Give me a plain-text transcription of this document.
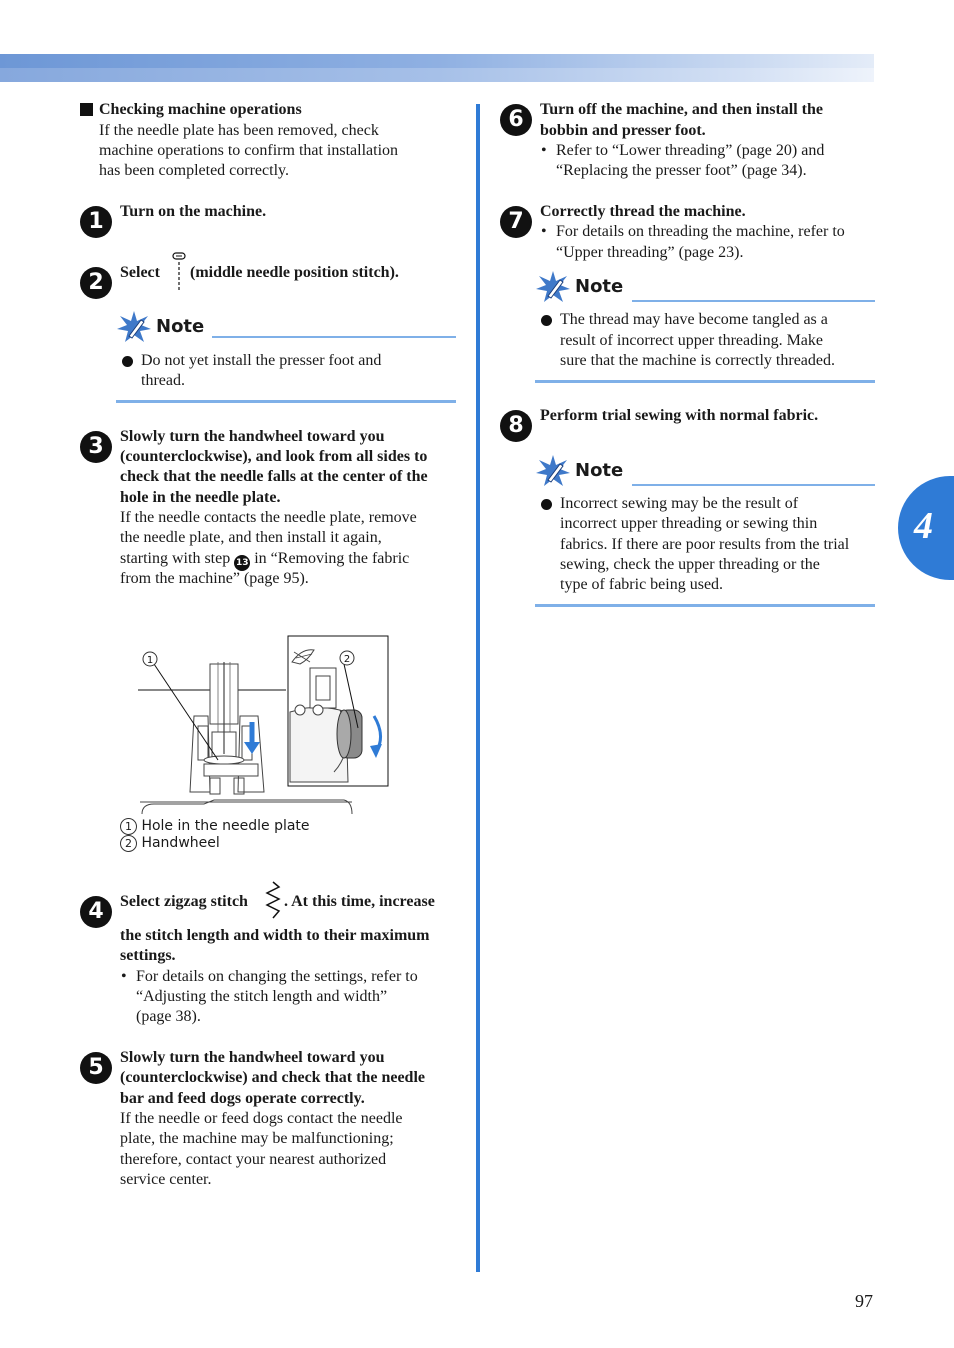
4
Checking machine operations
If the needle plate has been removed, check
machine operations to confirm that installation
has been completed correctly.
1	Turn on the machine.
2	Select (middle needle position stitch).
Note
Do not yet install the presser foot and
thread.
3	Slowly turn the handwheel toward you
(counterclockwise), and look from all sides to
check that the needle falls at the center of the
hole in the needle plate.
If the needle contacts the needle plate, remove
the needle plate, and then install it again,
starting with step 13 in “Removing the fabric
from the machine” (page 95).
1	2
1 Hole in the needle plate
2 Handwheel
4	Select zigzag stitch . At this time, increase
the stitch length and width to their maximum
settings.
• For details on changing the settings, refer to
“Adjusting the stitch length and width”
(page 38).
5	Slowly turn the handwheel toward you
(counterclockwise) and check that the needle
bar and feed dogs operate correctly.
If the needle or feed dogs contact the needle
plate, the machine may be malfunctioning;
therefore, contact your nearest authorized
service center.
6	Turn off the machine, and then install the
bobbin and presser foot.
• Refer to “Lower threading” (page 20) and
“Replacing the presser foot” (page 34).
7	Correctly thread the machine.
• For details on threading the machine, refer to
“Upper threading” (page 23).
Note
The thread may have become tangled as a
result of incorrect upper threading. Make
sure that the machine is correctly threaded.
8	Perform trial sewing with normal fabric.
Note
Incorrect sewing may be the result of
incorrect upper threading or sewing thin
fabrics. If there are poor results from the trial
sewing, check the upper threading or the
type of fabric being used.
97
